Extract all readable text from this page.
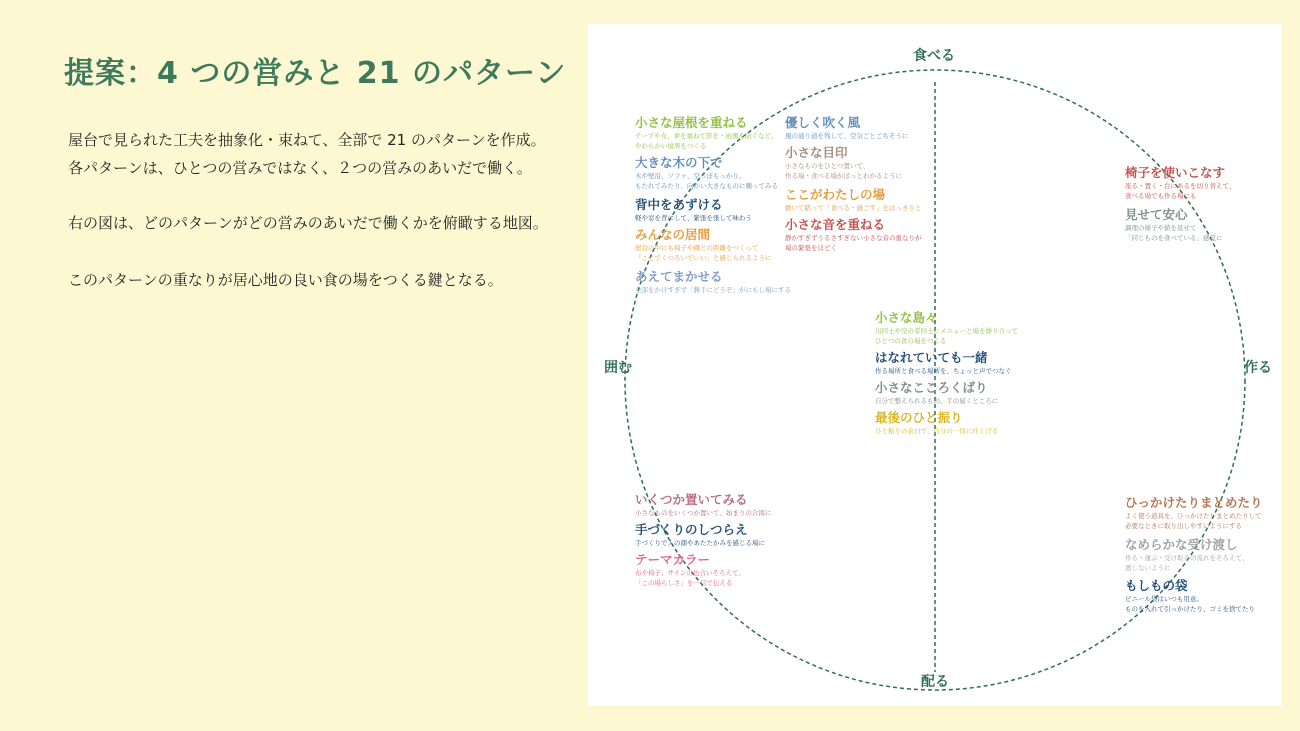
提案：4 つの営みと 21 のパターン
屋台で見られた工夫を抽象化・束ねて、全部で 21 のパターンを作成。
各パターンは、ひとつの営みではなく、２つの営みのあいだで働く。
右の図は、どのパターンがどの営みのあいだで働くかを俯瞰する地図。
このパターンの重なりが居心地の良い食の場をつくる鍵となる。
食べる
作る
配る
囲む
小さな屋根を重ねる
テープや布、傘を重ねて影を・雨風を防ぐなど、
やわらかい境界をつくる
大きな木の下で
木や壁沿、ソファ、空っぽもっかり、
もたれてみたり、向かい大きなものに頼ってみる
背中をあずける
軽や窓を背にして、緊張を張して味わう
みんなの居間
屋台の中にも椅子や棚との距離をつくって
「ここでくつろいでいい」と感じられるように
あえてまかせる
全部をかけすぎず「勝手にどうぞ」がにもし場にする
優しく吹く風
風の通り道を残して、空気ごとごちそうに
小さな目印
小さなものをひとつ置いて、
作る場・食べる場がぱっとわかるように
ここがわたしの場
敷いて踏って「食べる・過ごす」をはっきりと
小さな音を重ねる
静かすぎずうるさすぎない小さな音の重なりが
場の緊張をほどく
椅子を使いこなす
座る・置く・台にあるを切り替えて、
食べる場でも作る場にも
見せて安心
調理の様子や値を見せて
「同じものを食べている」感覚に
小さな島々
出同士や空の者同士にメニューと場を繰り合って
ひとつの食の場をつくる
はなれていても一緒
作る場所と食べる場所を、ちょっと声でつなぐ
小さなこころくばり
自分で整えられるもの、手の届くところに
最後のひと振り
ひと振りの余白で、自分の一皿に仕上げる
いくつか置いてみる
小さなものをいくつか置いて、始まりの合図に
手づくりのしつらえ
手づくりで人の顔やあたたかみを感じる場に
テーマカラー
布や椅子、サインの色合いそろえて、
「この場らしさ」を一目で伝える
ひっかけたりまとめたり
よく使う道具を、ひっかけたりまとめたりして
必要なときに取り出しやすいようにする
なめらかな受け渡し
作る・運ぶ・受け取るの流れをそろえて、
渡しないように
もしもの袋
ビニール袋はいつも用意。
ものを入れて引っかけたり、ゴミを捨てたり
